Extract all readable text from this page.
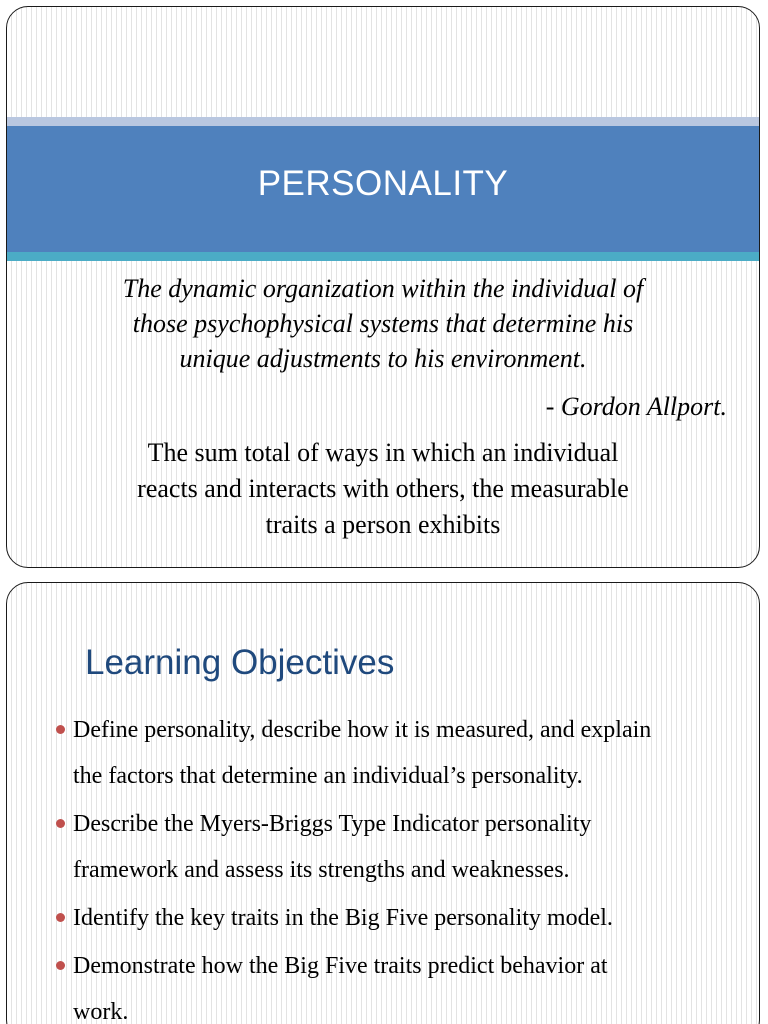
PERSONALITY
The dynamic organization within the individual of
those psychophysical systems that determine his
unique adjustments to his environment.
- Gordon Allport.
The sum total of ways in which an individual
reacts and interacts with others, the measurable
traits a person exhibits
Learning Objectives
Define personality, describe how it is measured, and explain
the factors that determine an individual’s personality.
Describe the Myers-Briggs Type Indicator personality
framework and assess its strengths and weaknesses.
Identify the key traits in the Big Five personality model.
Demonstrate how the Big Five traits predict behavior at
work.
